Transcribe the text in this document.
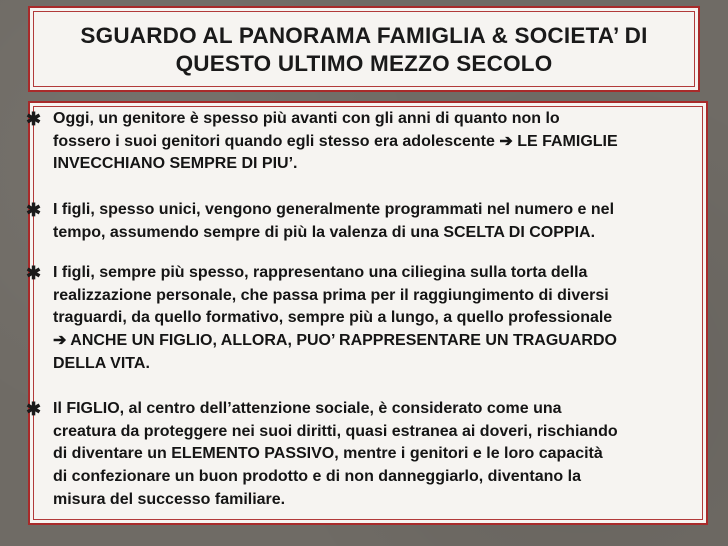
SGUARDO AL PANORAMA FAMIGLIA & SOCIETA’ DI
QUESTO ULTIMO MEZZO SECOLO
✱ Oggi, un genitore è spesso più avanti con gli anni di quanto non lo
fossero i suoi genitori quando egli stesso era adolescente ➔ LE FAMIGLIE
INVECCHIANO SEMPRE DI PIU’.
✱ I figli, spesso unici, vengono generalmente programmati nel numero e nel
tempo, assumendo sempre di più la valenza di una SCELTA DI COPPIA.
✱ I figli, sempre più spesso, rappresentano una ciliegina sulla torta della
realizzazione personale, che passa prima per il raggiungimento di diversi
traguardi, da quello formativo, sempre più a lungo, a quello professionale
➔ ANCHE UN FIGLIO, ALLORA, PUO’ RAPPRESENTARE UN TRAGUARDO
DELLA VITA.
✱ Il FIGLIO, al centro dell’attenzione sociale, è considerato come una
creatura da proteggere nei suoi diritti, quasi estranea ai doveri, rischiando
di diventare un ELEMENTO PASSIVO, mentre i genitori e le loro capacità
di confezionare un buon prodotto e di non danneggiarlo, diventano la
misura del successo familiare.
